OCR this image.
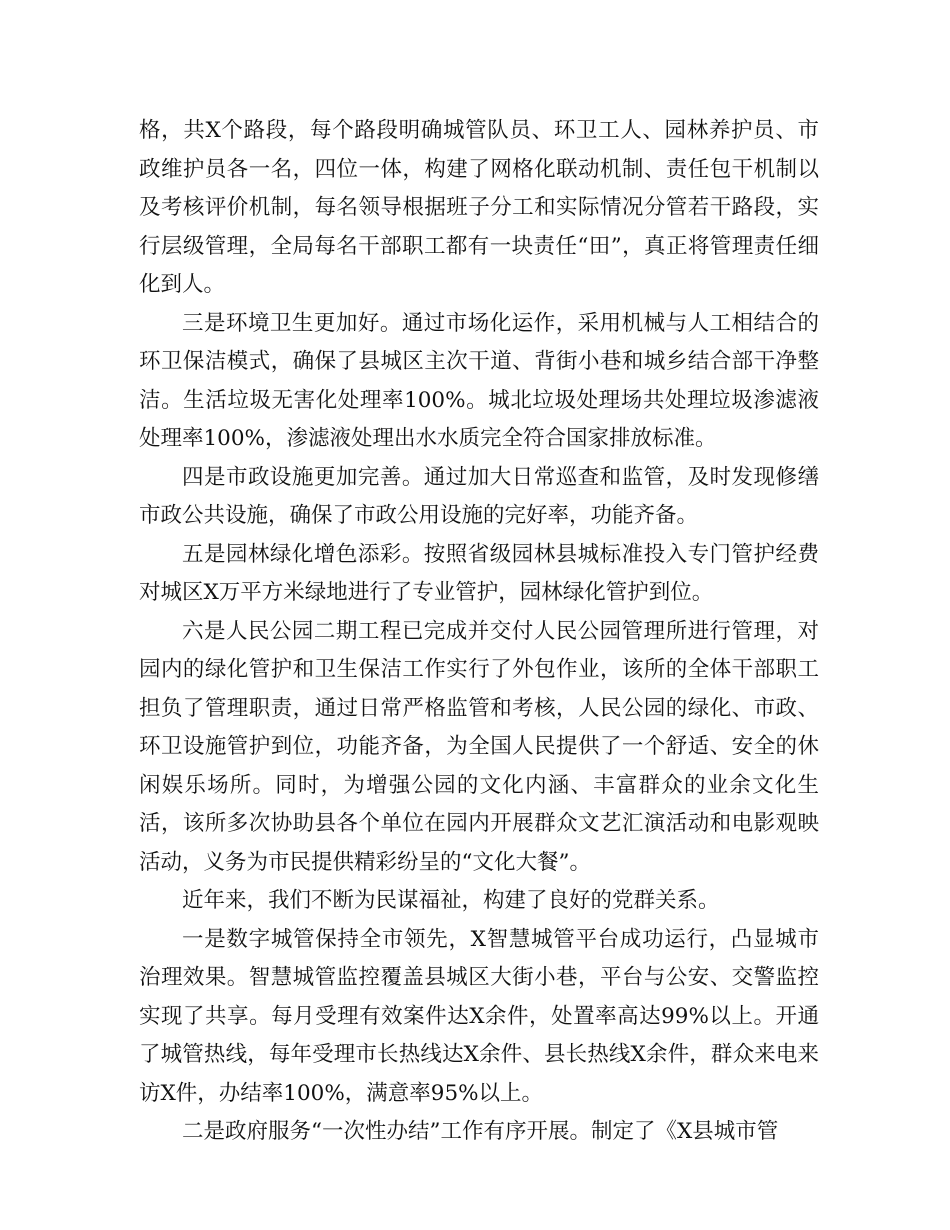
格，共X个路段，每个路段明确城管队员、环卫工人、园林养护员、市政维护员各一名，四位一体，构建了网格化联动机制、责任包干机制以及考核评价机制，每名领导根据班子分工和实际情况分管若干路段，实行层级管理，全局每名干部职工都有一块责任“田”，真正将管理责任细化到人。

三是环境卫生更加好。通过市场化运作，采用机械与人工相结合的环卫保洁模式，确保了县城区主次干道、背街小巷和城乡结合部干净整洁。生活垃圾无害化处理率100%。城北垃圾处理场共处理垃圾渗滤液处理率100%，渗滤液处理出水水质完全符合国家排放标准。

四是市政设施更加完善。通过加大日常巡查和监管，及时发现修缮市政公共设施，确保了市政公用设施的完好率，功能齐备。

五是园林绿化增色添彩。按照省级园林县城标准投入专门管护经费对城区X万平方米绿地进行了专业管护，园林绿化管护到位。

六是人民公园二期工程已完成并交付人民公园管理所进行管理，对园内的绿化管护和卫生保洁工作实行了外包作业，该所的全体干部职工担负了管理职责，通过日常严格监管和考核，人民公园的绿化、市政、环卫设施管护到位，功能齐备，为全国人民提供了一个舒适、安全的休闲娱乐场所。同时，为增强公园的文化内涵、丰富群众的业余文化生活，该所多次协助县各个单位在园内开展群众文艺汇演活动和电影观映活动，义务为市民提供精彩纷呈的“文化大餐”。

近年来，我们不断为民谋福祉，构建了良好的党群关系。

一是数字城管保持全市领先，X智慧城管平台成功运行，凸显城市治理效果。智慧城管监控覆盖县城区大街小巷，平台与公安、交警监控实现了共享。每月受理有效案件达X余件，处置率高达99%以上。开通了城管热线，每年受理市长热线达X余件、县长热线X余件，群众来电来访X件，办结率100%，满意率95%以上。

二是政府服务“一次性办结”工作有序开展。制定了《X县城市管
